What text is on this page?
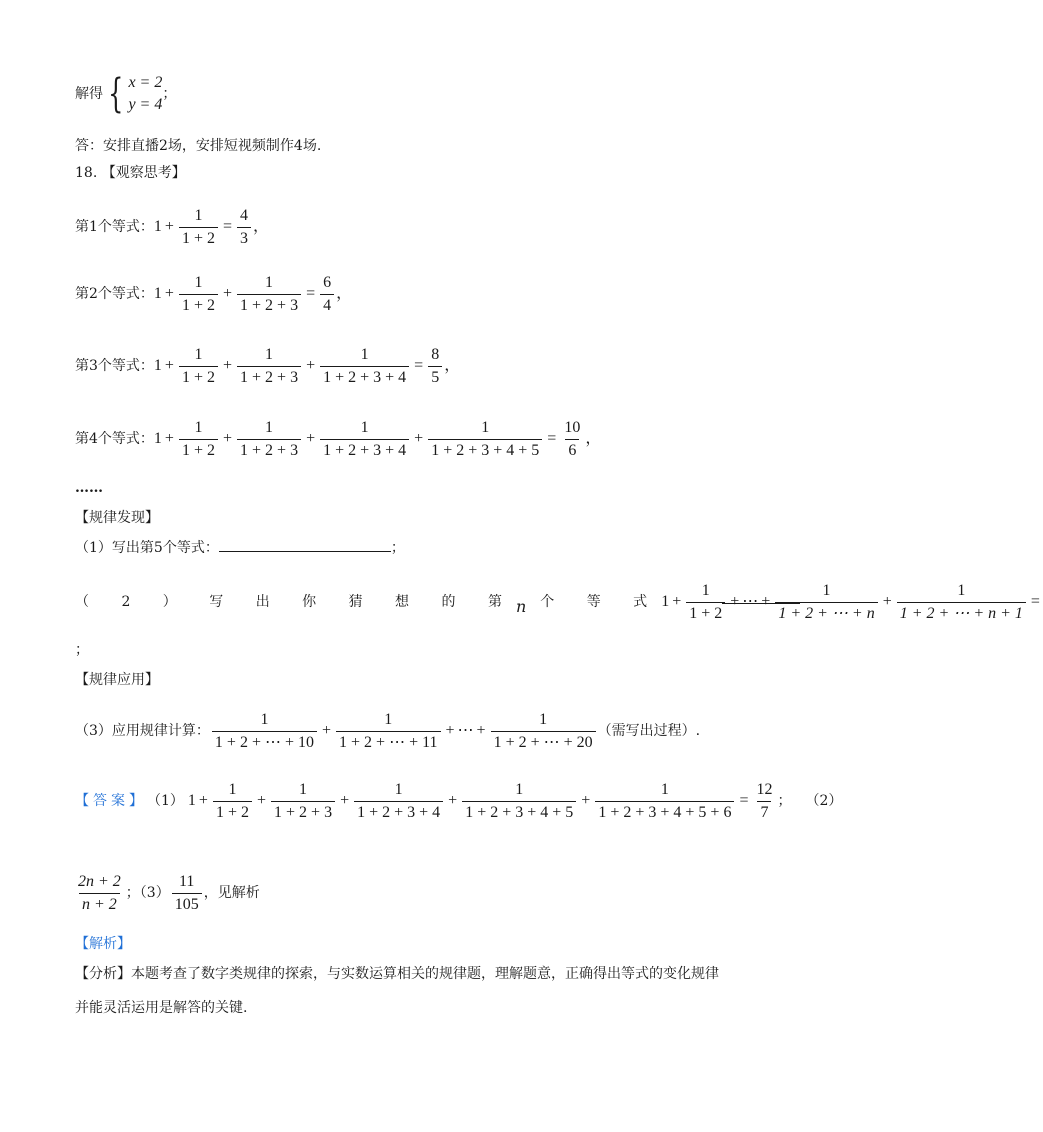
解得 { x = 2
y = 4
；
答：安排直播2场，安排短视频制作4场.
18. 【观察思考】
第1个等式： $1 + \frac{1}{1 + 2} = \frac{4}{3}$ ，
第2个等式： $1 + \frac{1}{1 + 2} + \frac{1}{1 + 2 + 3} = \frac{6}{4}$ ，
第3个等式： $1 + \frac{1}{1 + 2} + \frac{1}{1 + 2 + 3} + \frac{1}{1 + 2 + 3 + 4} = \frac{8}{5}$ ，
第4个等式： $1 + \frac{1}{1 + 2} + \frac{1}{1 + 2 + 3} + \frac{1}{1 + 2 + 3 + 4} + \frac{1}{1 + 2 + 3 + 4 + 5} = \frac{10}{6}$ ，
……
【规律发现】
（1）写出第5个等式：	；
（ 2 ） 写 出 你 猜 想 的 第 n 个 等 式 $1 + \frac{1}{1 + 2}$ + ⋯ + $\frac{1}{1 + 2 + \cdots + n} + \frac{1}{1 + 2 + \cdots + n + 1}$ =
；
【规律应用】
（3）应用规律计算： $\frac{1}{1 + 2 + \cdots + 10} + \frac{1}{1 + 2 + \cdots + 11}$ + ⋯ + $\frac{1}{1 + 2 + \cdots + 20}$ （需写出过程）.
【答案】 （1） $1 + \frac{1}{1 + 2} + \frac{1}{1 + 2 + 3} + \frac{1}{1 + 2 + 3 + 4} + \frac{1}{1 + 2 + 3 + 4 + 5} + \frac{1}{1 + 2 + 3 + 4 + 5 + 6} = \frac{12}{7}$ ； （2）
$\frac{2n + 2}{n + 2}$ ；$(3) \frac{11}{105}$ ，见解析
【解析】
【分析】本题考查了数字类规律的探索，与实数运算相关的规律题，理解题意，正确得出等式的变化规律
并能灵活运用是解答的关键.
